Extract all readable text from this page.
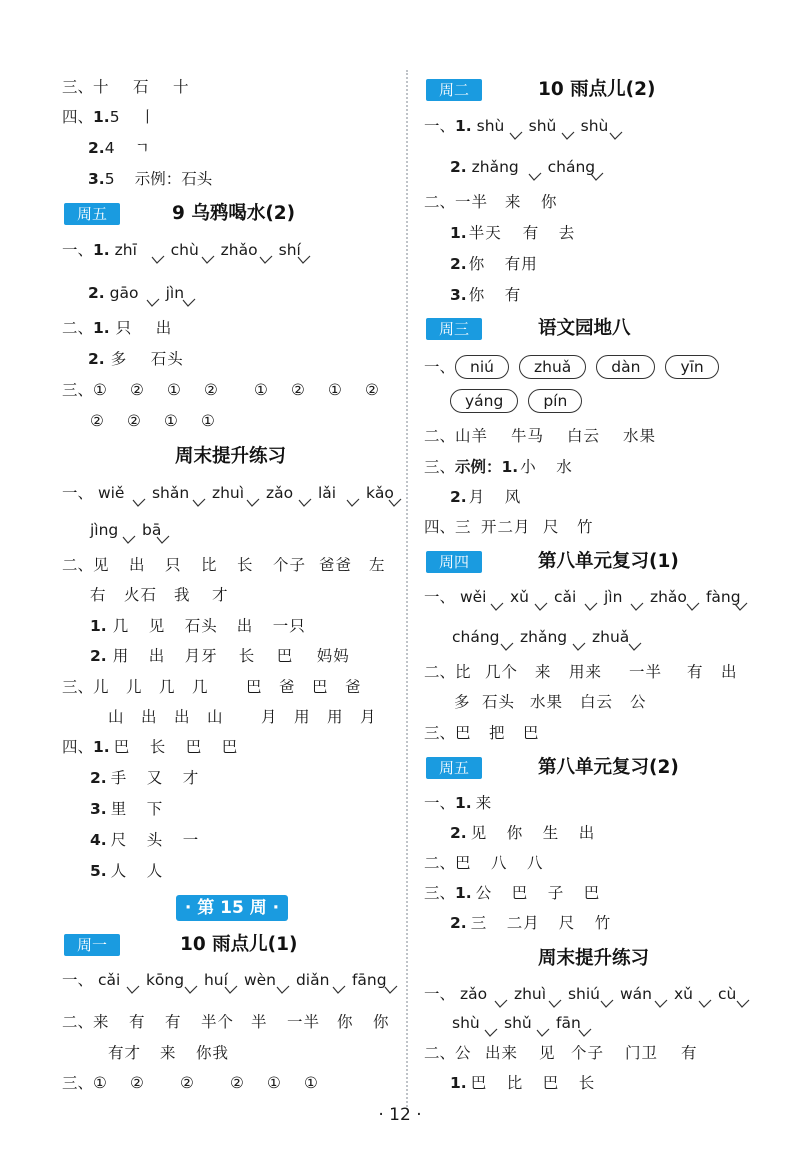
三、十 石 十
四、1.5 丨
2.4 ㄱ
3.5 示例：石头
周五	9 乌鸦喝水(2)
一、1. zhī chù zhǎo shí
2. gāo jìn
二、1. 只 出
2. 多 石头
三、① ② ① ② ① ② ① ②
② ② ① ①
周末提升练习
一、 wiě shǎn zhuì zǎo lǎi kǎo
jìng bā
二、见 出 只 比 长 个子 爸爸 左
右 火石 我 才
1. 几 见 石头 出 一只
2. 用 出 月牙 长 巴 妈妈
三、儿 儿 几 几 巴 爸 巴 爸
山 出 出 山 月 用 用 月
四、1. 巴 长 巴 巴
2. 手 又 才
3. 里 下
4. 尺 头 一
5. 人 人
· 第 15 周 ·
周一	10 雨点儿(1)
一、 cǎi kōng huí wèn diǎn fāng
二、来 有 有 半个 半 一半 你 你
有才 来 你我
三、① ② ② ② ① ①
周二	10 雨点儿(2)
一、1. shù shǔ shù
2. zhǎng cháng
二、一半 来 你
1. 半天 有 去
2. 你 有用
3. 你 有
周三	语文园地八
一、 niú	zhuǎ	dàn	yīn
yáng	pín
二、山羊 牛马 白云 水果
三、示例：1. 小 水
2. 月 风
四、三 开二月 尺 竹
周四	第八单元复习(1)
一、 wěi xǔ cǎi jìn zhǎo fàng
cháng zhǎng zhuǎ
二、比 几个 来 用来 一半 有 出
多 石头 水果 白云 公
三、巴 把 巴
周五	第八单元复习(2)
一、1. 来
2. 见 你 生 出
二、巴 八 八
三、1. 公 巴 子 巴
2. 三 二月 尺 竹
周末提升练习
一、 zǎo zhuì shiú wán xǔ cù
shù shǔ fān
二、公 出来 见 个子 门卫 有
1. 巴 比 巴 长
· 12 ·
